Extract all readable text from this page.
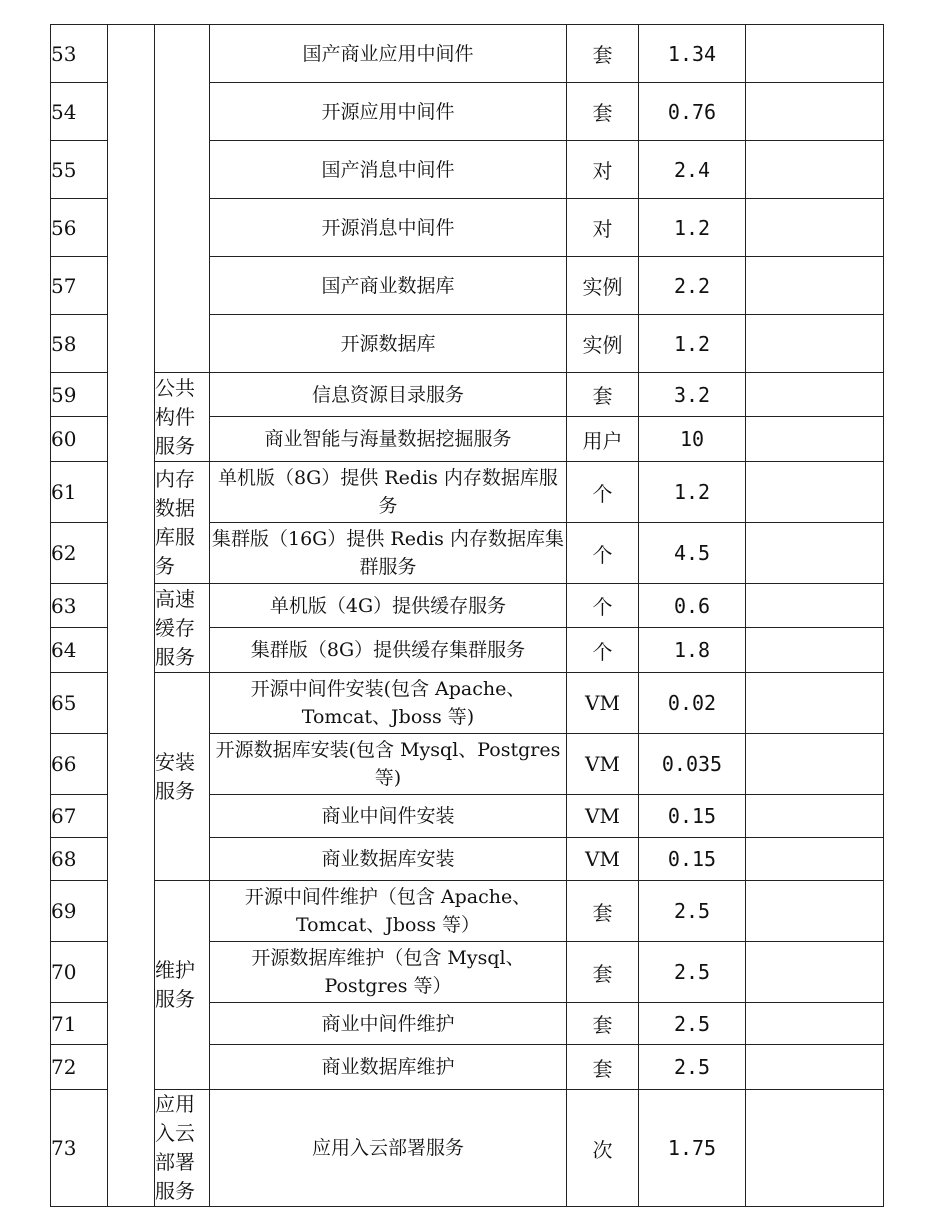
53			国产商业应用中间件	套	1.34	
54			开源应用中间件	套	0.76	
55			国产消息中间件	对	2.4	
56			开源消息中间件	对	1.2	
57			国产商业数据库	实例	2.2	
58			开源数据库	实例	1.2	
59		公共构件服务	信息资源目录服务	套	3.2	
60			商业智能与海量数据挖掘服务	用户	10	
61		内存数据库服务	单机版（8G）提供 Redis 内存数据库服务	个	1.2	
62			集群版（16G）提供 Redis 内存数据库集群服务	个	4.5	
63		高速缓存服务	单机版（4G）提供缓存服务	个	0.6	
64			集群版（8G）提供缓存集群服务	个	1.8	
65		安装服务	开源中间件安装(包含 Apache、Tomcat、Jboss 等)	VM	0.02	
66			开源数据库安装(包含 Mysql、Postgres 等)	VM	0.035	
67			商业中间件安装	VM	0.15	
68			商业数据库安装	VM	0.15	
69		维护服务	开源中间件维护（包含 Apache、Tomcat、Jboss 等）	套	2.5	
70			开源数据库维护（包含 Mysql、Postgres 等）	套	2.5	
71			商业中间件维护	套	2.5	
72			商业数据库维护	套	2.5	
73		应用入云部署服务	应用入云部署服务	次	1.75	
